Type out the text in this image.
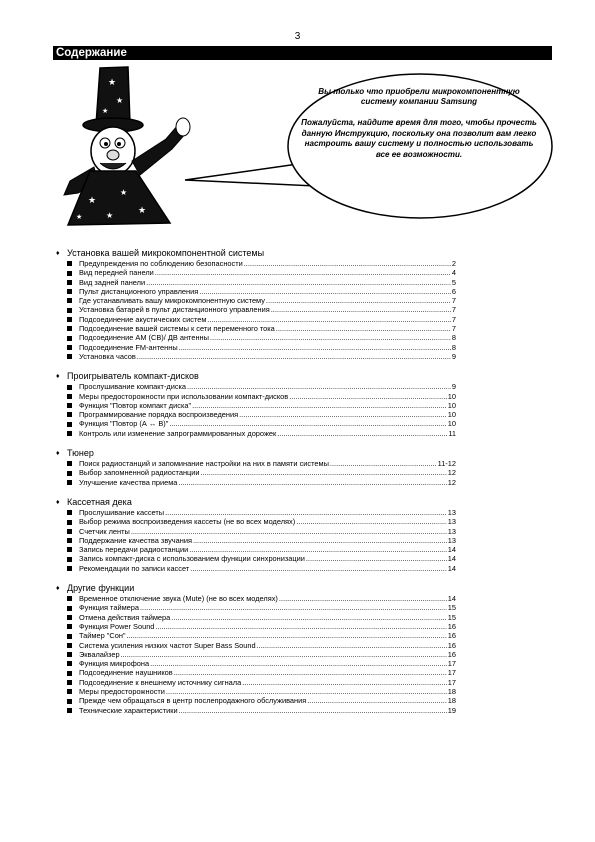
3
Содержание
★
★
★
★
★
★
★	★

Вы только что приобрели микрокомпонентную систему компании Samsung

Пожалуйста, найдите время для того, чтобы прочесть данную Инструкцию, поскольку она позволит вам легко настроить вашу систему и полностью использовать все ее возможности.

♦ Установка вашей микрокомпонентной системы
Предупреждения по соблюдению безопасности .....	2
Вид передней панели .....	4
Вид задней панели .....	5
Пульт дистанционного управления .....	6
Где устанавливать вашу микрокомпонентную систему .....	7
Установка батарей в пульт дистанционного управления .....	7
Подсоединение акустических систем .....	7
Подсоединение вашей системы к сети переменного тока .....	7
Подсоединение АМ (СВ)/ ДВ антенны .....	8
Подсоединение FM-антенны .....	8
Установка часов .....	9
♦ Проигрыватель компакт-дисков
Прослушивание компакт-диска .....	9
Меры предосторожности при использовании компакт-дисков .....	10
Функция "Повтор компакт диска" .....	10
Программирование порядка воспроизведения .....	10
Функция "Повтор (А ↔ В)" .....	10
Контроль или изменение запрограммированных дорожек .....	11
♦ Тюнер
Поиск радиостанций и запоминание настройки на них в памяти системы .....	11-12
Выбор запомненной радиостанции .....	12
Улучшение качества приема .....	12
♦ Кассетная дека
Прослушивание кассеты .....	13
Выбор режима воспроизведения кассеты (не во всех моделях) .....	13
Счетчик ленты .....	13
Поддержание качества звучания .....	13
Запись передачи радиостанции .....	14
Запись компакт-диска с использованием функции синхронизации .....	14
Рекомендации по записи кассет .....	14
♦ Другие функции
Временное отключение звука (Mute) (не во всех моделях) .....	14
Функция таймера .....	15
Отмена действия таймера .....	15
Функция Power Sound .....	16
Таймер "Сон" .....	16
Система усиления низких частот Super Bass Sound .....	16
Эквалайзер .....	16
Функция микрофона .....	17
Подсоединение наушников .....	17
Подсоединение к внешнему источнику сигнала .....	17
Меры предосторожности .....	18
Прежде чем обращаться в центр послепродажного обслуживания .....	18
Технические характеристики .....	19
